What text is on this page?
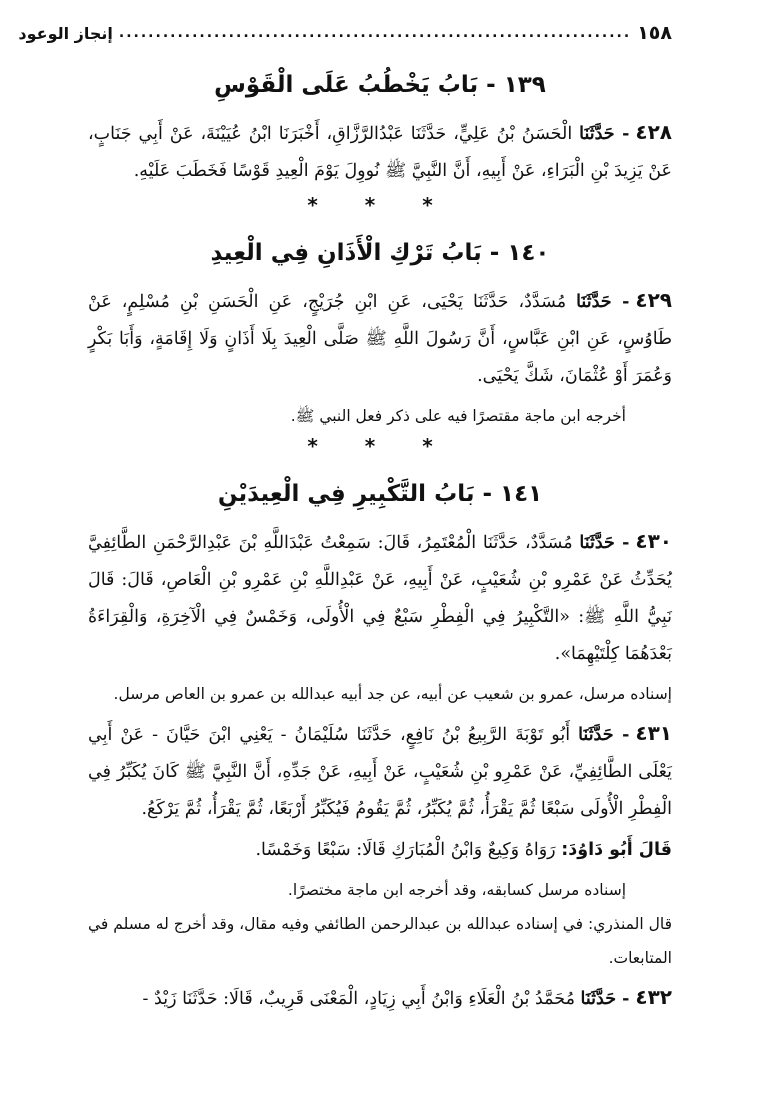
١٥٨
......................................................................
إنجاز الوعود
١٣٩ - بَابُ يَخْطُبُ عَلَى الْقَوْسِ
٤٢٨- حَدَّثَنَا الْحَسَنُ بْنُ عَلِيٍّ، حَدَّثَنَا عَبْدُالرَّزَّاقِ، أَخْبَرَنَا ابْنُ عُيَيْنَةَ، عَنْ أَبِي جَنَابٍ، عَنْ يَزِيدَ بْنِ الْبَرَاءِ، عَنْ أَبِيهِ، أَنَّ النَّبِيَّ ﷺ نُووِلَ يَوْمَ الْعِيدِ قَوْسًا فَخَطَبَ عَلَيْهِ.
* * *
١٤٠ - بَابُ تَرْكِ الْأَذَانِ فِي الْعِيدِ
٤٢٩- حَدَّثَنَا مُسَدَّدٌ، حَدَّثَنَا يَحْيَى، عَنِ ابْنِ جُرَيْجٍ، عَنِ الْحَسَنِ بْنِ مُسْلِمٍ، عَنْ طَاوُسٍ، عَنِ ابْنِ عَبَّاسٍ، أَنَّ رَسُولَ اللَّهِ ﷺ صَلَّى الْعِيدَ بِلَا أَذَانٍ وَلَا إِقَامَةٍ، وَأَبَا بَكْرٍ وَعُمَرَ أَوْ عُثْمَانَ، شَكَّ يَحْيَى.
أخرجه ابن ماجة مقتصرًا فيه على ذكر فعل النبي ﷺ.
* * *
١٤١ - بَابُ التَّكْبِيرِ فِي الْعِيدَيْنِ
٤٣٠- حَدَّثَنَا مُسَدَّدٌ، حَدَّثَنَا الْمُعْتَمِرُ، قَالَ: سَمِعْتُ عَبْدَاللَّهِ بْنَ عَبْدِالرَّحْمَنِ الطَّائِفِيَّ يُحَدِّثُ عَنْ عَمْرِو بْنِ شُعَيْبٍ، عَنْ أَبِيهِ، عَنْ عَبْدِاللَّهِ بْنِ عَمْرِو بْنِ الْعَاصِ، قَالَ: قَالَ نَبِيُّ اللَّهِ ﷺ: «التَّكْبِيرُ فِي الْفِطْرِ سَبْعٌ فِي الْأُولَى، وَخَمْسٌ فِي الْآخِرَةِ، وَالْقِرَاءَةُ بَعْدَهُمَا كِلْتَيْهِمَا».
إسناده مرسل، عمرو بن شعيب عن أبيه، عن جد أبيه عبدالله بن عمرو بن العاص مرسل.
٤٣١- حَدَّثَنَا أَبُو تَوْبَةَ الرَّبِيعُ بْنُ نَافِعٍ، حَدَّثَنَا سُلَيْمَانُ - يَعْنِي ابْنَ حَيَّانَ - عَنْ أَبِي يَعْلَى الطَّائِفِيِّ، عَنْ عَمْرِو بْنِ شُعَيْبٍ، عَنْ أَبِيهِ، عَنْ جَدِّهِ، أَنَّ النَّبِيَّ ﷺ كَانَ يُكَبِّرُ فِي الْفِطْرِ الْأُولَى سَبْعًا ثُمَّ يَقْرَأُ، ثُمَّ يُكَبِّرُ، ثُمَّ يَقُومُ فَيُكَبِّرُ أَرْبَعًا، ثُمَّ يَقْرَأُ، ثُمَّ يَرْكَعُ.
قَالَ أَبُو دَاوُدَ: رَوَاهُ وَكِيعٌ وَابْنُ الْمُبَارَكِ قَالَا: سَبْعًا وَخَمْسًا.
إسناده مرسل كسابقه، وقد أخرجه ابن ماجة مختصرًا.
قال المنذري: في إسناده عبدالله بن عبدالرحمن الطائفي وفيه مقال، وقد أخرج له مسلم في المتابعات.
٤٣٢- حَدَّثَنَا مُحَمَّدُ بْنُ الْعَلَاءِ وَابْنُ أَبِي زِيَادٍ، الْمَعْنَى قَرِيبٌ، قَالَا: حَدَّثَنَا زَيْدٌ -
